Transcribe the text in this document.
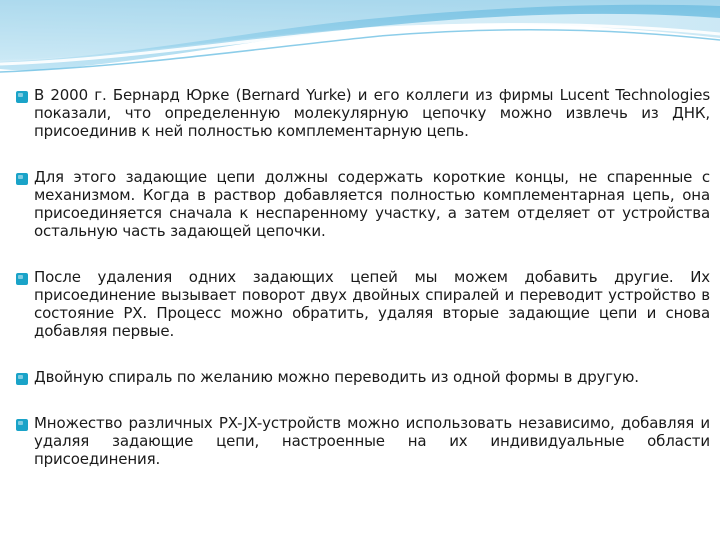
В 2000 г. Бернард Юрке (Bernard Yurke) и его коллеги из фирмы Lucent Technologies показали, что определенную молекулярную цепочку можно извлечь из ДНК, присоединив к ней полностью комплементарную цепь.
Для этого задающие цепи должны содержать короткие концы, не спаренные с механизмом. Когда в раствор добавляется полностью комплементарная цепь, она присоединяется сначала к неспаренному участку, а затем отделяет от устройства остальную часть задающей цепочки.
После удаления одних задающих цепей мы можем добавить другие. Их присоединение вызывает поворот двух двойных спиралей и переводит устройство в состояние PX. Процесс можно обратить, удаляя вторые задающие цепи и снова добавляя первые.
Двойную спираль по желанию можно переводить из одной формы в другую.
Множество различных PX-JX-устройств можно использовать независимо, добавляя и удаляя задающие цепи, настроенные на их индивидуальные области присоединения.
